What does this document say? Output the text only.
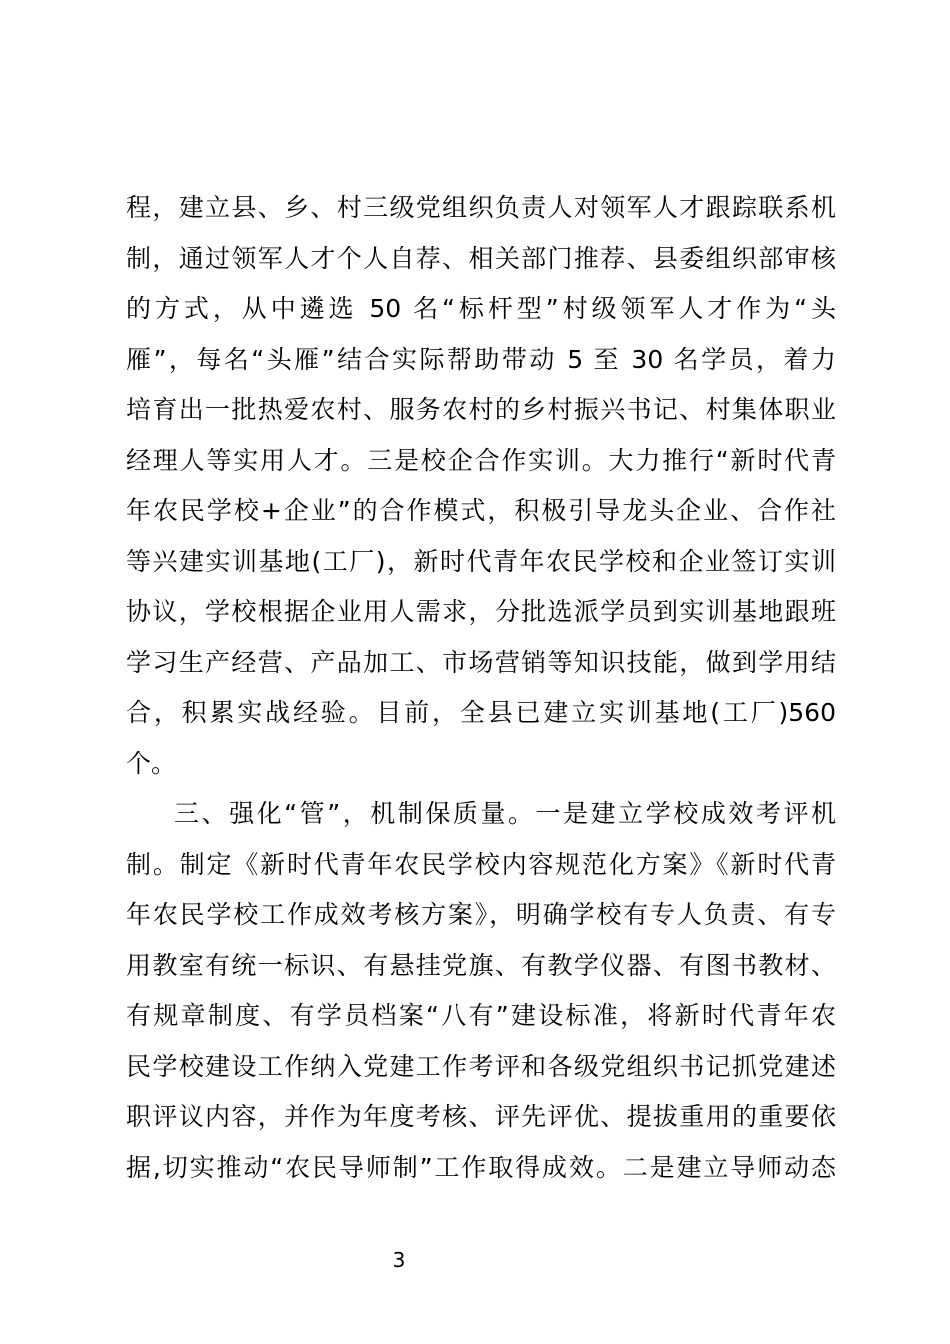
程，建立县、乡、村三级党组织负责人对领军人才跟踪联系机
制，通过领军人才个人自荐、相关部门推荐、县委组织部审核
的方式，从中遴选 50 名“标杆型”村级领军人才作为“头
雁”，每名“头雁”结合实际帮助带动 5 至 30 名学员，着力
培育出一批热爱农村、服务农村的乡村振兴书记、村集体职业
经理人等实用人才。三是校企合作实训。大力推行“新时代青
年农民学校+企业”的合作模式，积极引导龙头企业、合作社
等兴建实训基地(工厂)，新时代青年农民学校和企业签订实训
协议，学校根据企业用人需求，分批选派学员到实训基地跟班
学习生产经营、产品加工、市场营销等知识技能，做到学用结
合，积累实战经验。目前，全县已建立实训基地(工厂)560
个。
三、强化“管”，机制保质量。一是建立学校成效考评机
制。制定《新时代青年农民学校内容规范化方案》《新时代青
年农民学校工作成效考核方案》，明确学校有专人负责、有专
用教室有统一标识、有悬挂党旗、有教学仪器、有图书教材、
有规章制度、有学员档案“八有”建设标准，将新时代青年农
民学校建设工作纳入党建工作考评和各级党组织书记抓党建述
职评议内容，并作为年度考核、评先评优、提拔重用的重要依
据,切实推动“农民导师制”工作取得成效。二是建立导师动态
3
